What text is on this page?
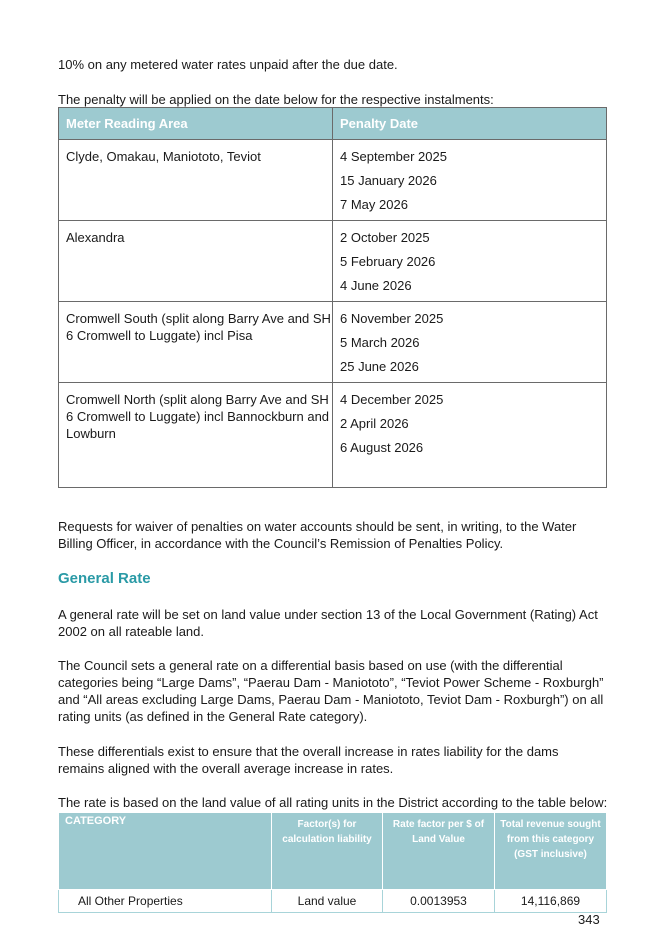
10% on any metered water rates unpaid after the due date.

The penalty will be applied on the date below for the respective instalments:

Meter Reading Area	Penalty Date
Clyde, Omakau, Maniototo, Teviot	4 September 2025
15 January 2026
7 May 2026

Alexandra	2 October 2025
5 February 2026
4 June 2026

Cromwell South (split along Barry Ave and SH 6 Cromwell to Luggate) incl Pisa	6 November 2025
5 March 2026
25 June 2026

Cromwell North (split along Barry Ave and SH 6 Cromwell to Luggate) incl Bannockburn and Lowburn	4 December 2025
2 April 2026
6 August 2026

Requests for waiver of penalties on water accounts should be sent, in writing, to the Water Billing Officer, in accordance with the Council’s Remission of Penalties Policy.

General Rate

A general rate will be set on land value under section 13 of the Local Government (Rating) Act 2002 on all rateable land.

The Council sets a general rate on a differential basis based on use (with the differential categories being “Large Dams”, “Paerau Dam - Maniototo”, “Teviot Power Scheme - Roxburgh” and “All areas excluding Large Dams, Paerau Dam - Maniototo, Teviot Dam - Roxburgh”) on all rating units (as defined in the General Rate category).

These differentials exist to ensure that the overall increase in rates liability for the dams remains aligned with the overall average increase in rates.

The rate is based on the land value of all rating units in the District according to the table below:

CATEGORY	Factor(s) for calculation liability	Rate factor per $ of Land Value	Total revenue sought from this category (GST inclusive)
All Other Properties	Land value	0.0013953	14,116,869

343
